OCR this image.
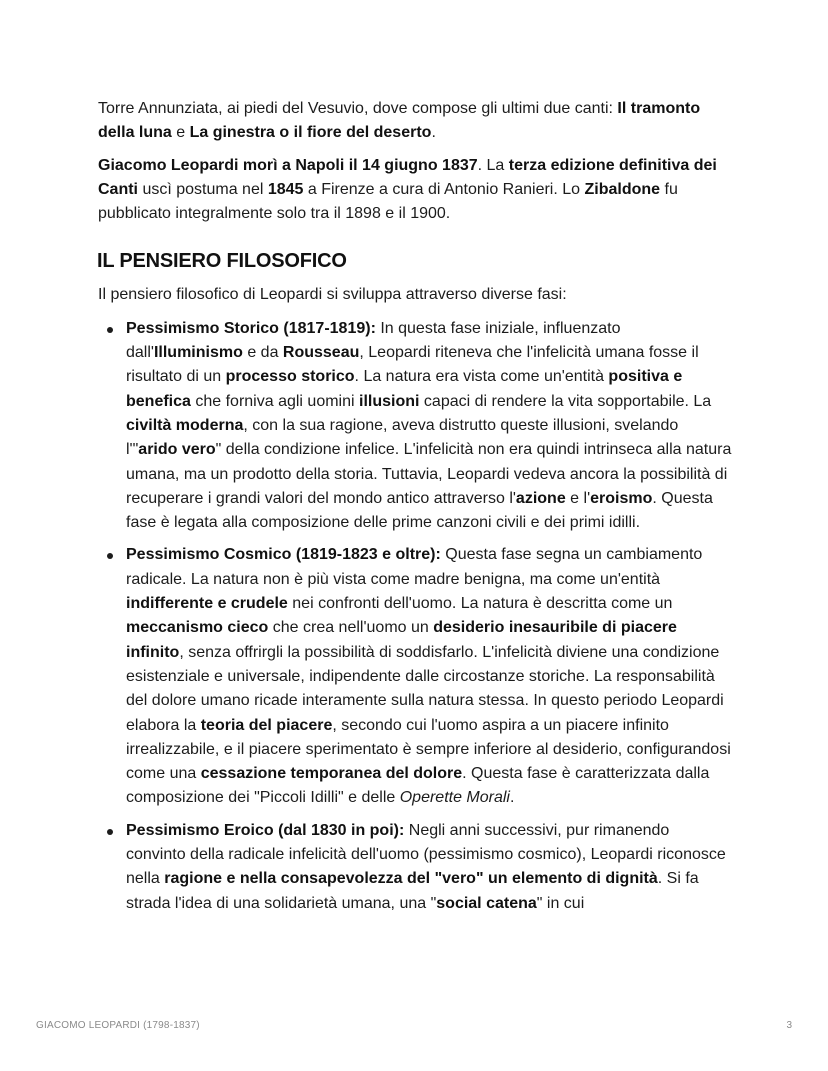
Torre Annunziata, ai piedi del Vesuvio, dove compose gli ultimi due canti: Il tramonto della luna e La ginestra o il fiore del deserto.

Giacomo Leopardi morì a Napoli il 14 giugno 1837. La terza edizione definitiva dei Canti uscì postuma nel 1845 a Firenze a cura di Antonio Ranieri. Lo Zibaldone fu pubblicato integralmente solo tra il 1898 e il 1900.

IL PENSIERO FILOSOFICO

Il pensiero filosofico di Leopardi si sviluppa attraverso diverse fasi:

Pessimismo Storico (1817-1819): In questa fase iniziale, influenzato dall'Illuminismo e da Rousseau, Leopardi riteneva che l'infelicità umana fosse il risultato di un processo storico. La natura era vista come un'entità positiva e benefica che forniva agli uomini illusioni capaci di rendere la vita sopportabile. La civiltà moderna, con la sua ragione, aveva distrutto queste illusioni, svelando l'"arido vero" della condizione infelice. L'infelicità non era quindi intrinseca alla natura umana, ma un prodotto della storia. Tuttavia, Leopardi vedeva ancora la possibilità di recuperare i grandi valori del mondo antico attraverso l'azione e l'eroismo. Questa fase è legata alla composizione delle prime canzoni civili e dei primi idilli.
Pessimismo Cosmico (1819-1823 e oltre): Questa fase segna un cambiamento radicale. La natura non è più vista come madre benigna, ma come un'entità indifferente e crudele nei confronti dell'uomo. La natura è descritta come un meccanismo cieco che crea nell'uomo un desiderio inesauribile di piacere infinito, senza offrirgli la possibilità di soddisfarlo. L'infelicità diviene una condizione esistenziale e universale, indipendente dalle circostanze storiche. La responsabilità del dolore umano ricade interamente sulla natura stessa. In questo periodo Leopardi elabora la teoria del piacere, secondo cui l'uomo aspira a un piacere infinito irrealizzabile, e il piacere sperimentato è sempre inferiore al desiderio, configurandosi come una cessazione temporanea del dolore. Questa fase è caratterizzata dalla composizione dei "Piccoli Idilli" e delle Operette Morali.
Pessimismo Eroico (dal 1830 in poi): Negli anni successivi, pur rimanendo convinto della radicale infelicità dell'uomo (pessimismo cosmico), Leopardi riconosce nella ragione e nella consapevolezza del "vero" un elemento di dignità. Si fa strada l'idea di una solidarietà umana, una "social catena" in cui
GIACOMO LEOPARDI (1798-1837)	3
